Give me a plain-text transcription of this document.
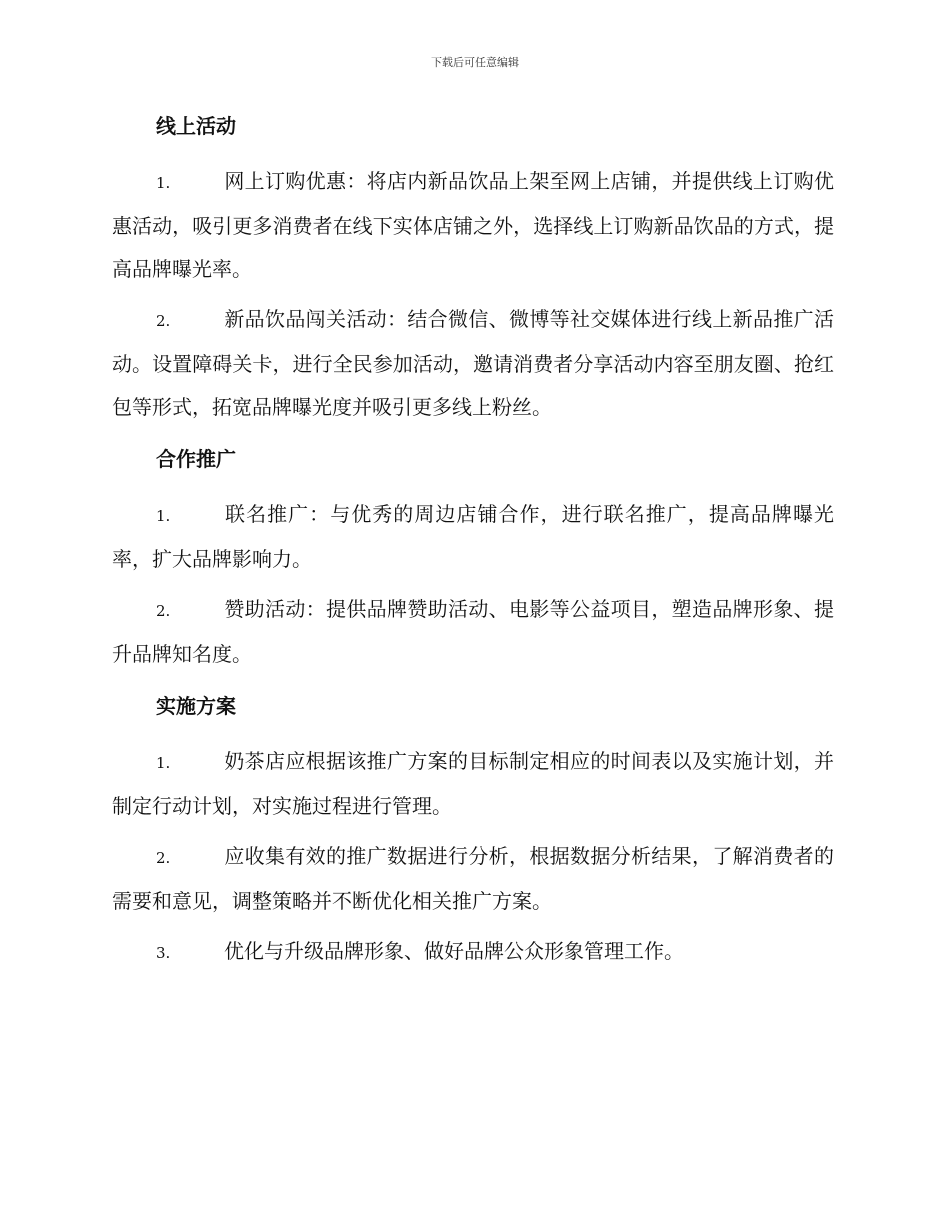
下载后可任意编辑
线上活动

1.	网上订购优惠：将店内新品饮品上架至网上店铺，并提供线上订购优惠活动，吸引更多消费者在线下实体店铺之外，选择线上订购新品饮品的方式，提高品牌曝光率。

2.	新品饮品闯关活动：结合微信、微博等社交媒体进行线上新品推广活动。设置障碍关卡，进行全民参加活动，邀请消费者分享活动内容至朋友圈、抢红包等形式，拓宽品牌曝光度并吸引更多线上粉丝。

合作推广

1.	联名推广：与优秀的周边店铺合作，进行联名推广，提高品牌曝光率，扩大品牌影响力。

2.	赞助活动：提供品牌赞助活动、电影等公益项目，塑造品牌形象、提升品牌知名度。

实施方案

1.	奶茶店应根据该推广方案的目标制定相应的时间表以及实施计划，并制定行动计划，对实施过程进行管理。

2.	应收集有效的推广数据进行分析，根据数据分析结果，了解消费者的需要和意见，调整策略并不断优化相关推广方案。

3.	优化与升级品牌形象、做好品牌公众形象管理工作。
